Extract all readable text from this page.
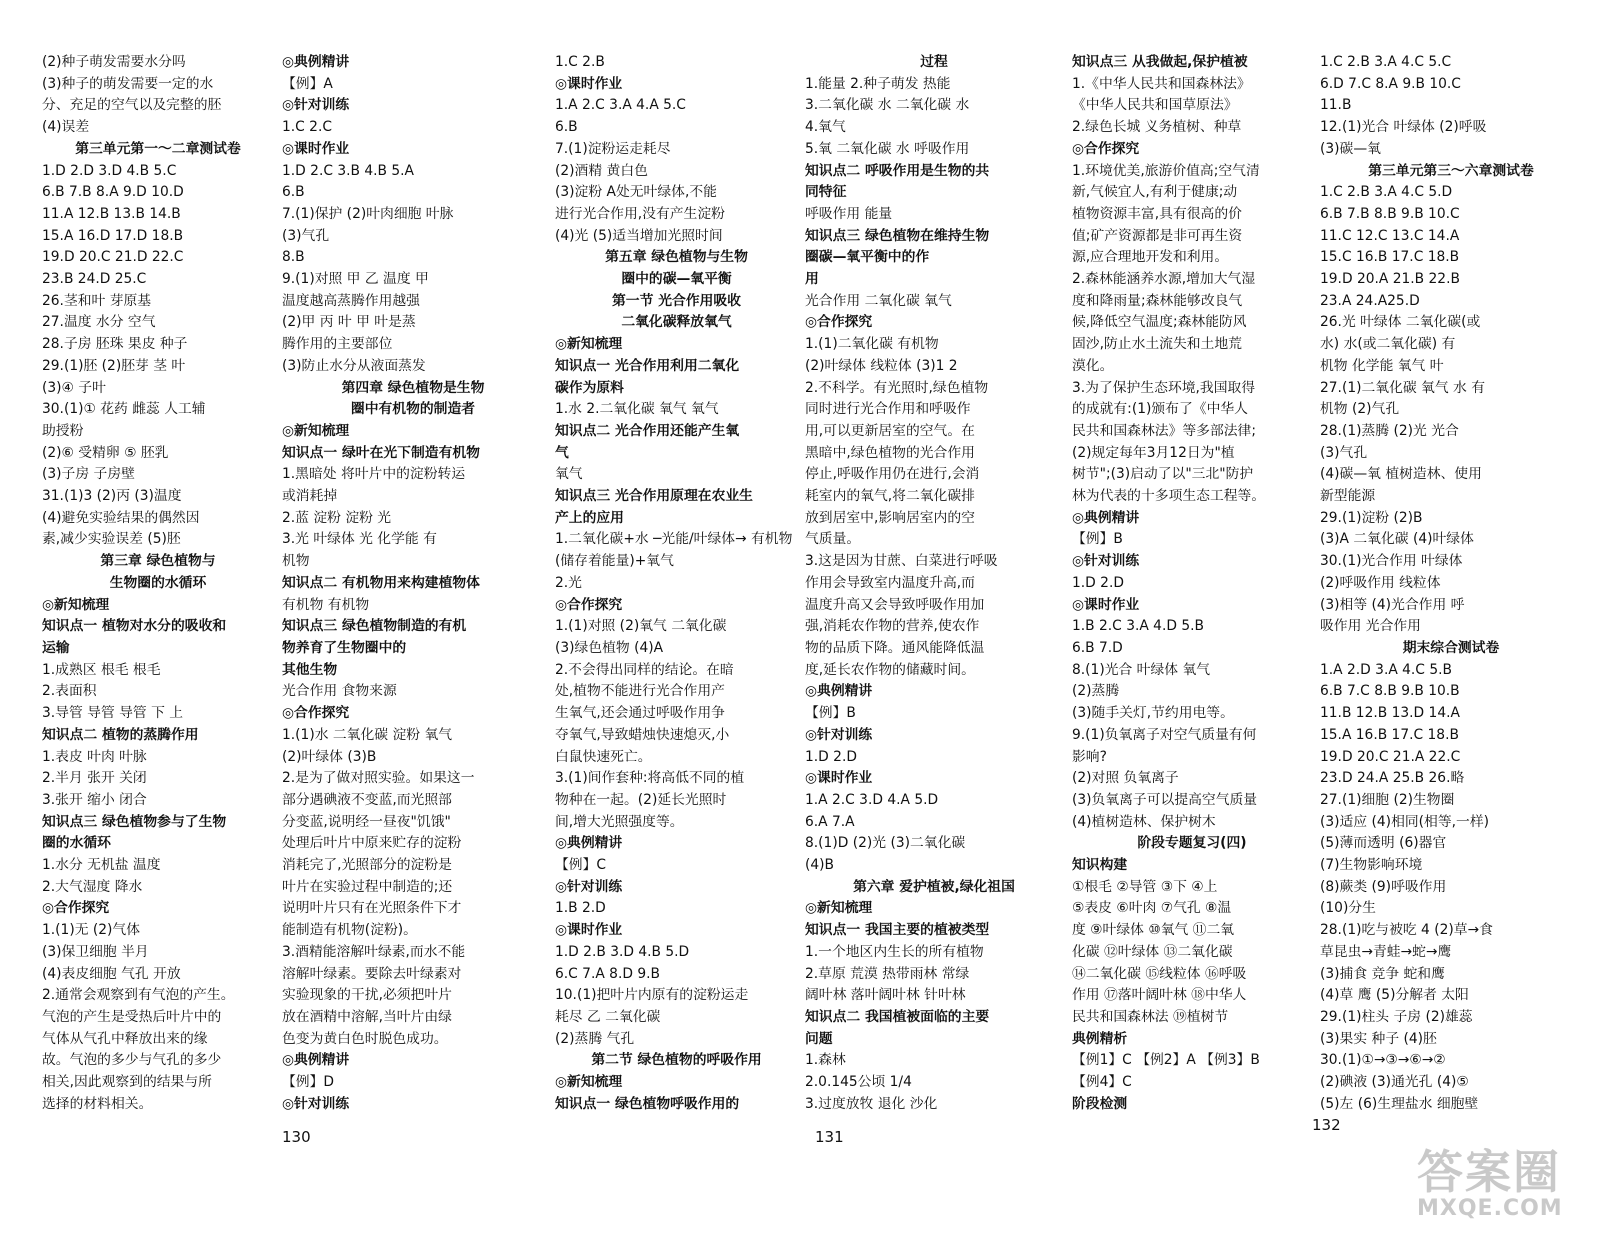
(2)种子萌发需要水分吗
(3)种子的萌发需要一定的水
分、充足的空气以及完整的胚
(4)误差
第三单元第一～二章测试卷
1.D 2.D 3.D 4.B 5.C
6.B 7.B 8.A 9.D 10.D
11.A 12.B 13.B 14.B
15.A 16.D 17.D 18.B
19.D 20.C 21.D 22.C
23.B 24.D 25.C
26.茎和叶 芽原基
27.温度 水分 空气
28.子房 胚珠 果皮 种子
29.(1)胚 (2)胚芽 茎 叶
(3)④ 子叶
30.(1)① 花药 雌蕊 人工辅
助授粉
(2)⑥ 受精卵 ⑤ 胚乳
(3)子房 子房壁
31.(1)3 (2)丙 (3)温度
(4)避免实验结果的偶然因
素,减少实验误差 (5)胚
第三章 绿色植物与
生物圈的水循环
◎新知梳理
知识点一 植物对水分的吸收和
运输
1.成熟区 根毛 根毛
2.表面积
3.导管 导管 导管 下 上
知识点二 植物的蒸腾作用
1.表皮 叶肉 叶脉
2.半月 张开 关闭
3.张开 缩小 闭合
知识点三 绿色植物参与了生物
圈的水循环
1.水分 无机盐 温度
2.大气湿度 降水
◎合作探究
1.(1)无 (2)气体
(3)保卫细胞 半月
(4)表皮细胞 气孔 开放
2.通常会观察到有气泡的产生。
气泡的产生是受热后叶片中的
气体从气孔中释放出来的缘
故。气泡的多少与气孔的多少
相关,因此观察到的结果与所
选择的材料相关。
◎典例精讲
【例】A
◎针对训练
1.C 2.C
◎课时作业
1.D 2.C 3.B 4.B 5.A
6.B
7.(1)保护 (2)叶肉细胞 叶脉
(3)气孔
8.B
9.(1)对照 甲 乙 温度 甲
温度越高蒸腾作用越强
(2)甲 丙 叶 甲 叶是蒸
腾作用的主要部位
(3)防止水分从液面蒸发
第四章 绿色植物是生物
圈中有机物的制造者
◎新知梳理
知识点一 绿叶在光下制造有机物
1.黑暗处 将叶片中的淀粉转运
或消耗掉
2.蓝 淀粉 淀粉 光
3.光 叶绿体 光 化学能 有
机物
知识点二 有机物用来构建植物体
有机物 有机物
知识点三 绿色植物制造的有机
物养育了生物圈中的
其他生物
光合作用 食物来源
◎合作探究
1.(1)水 二氧化碳 淀粉 氧气
(2)叶绿体 (3)B
2.是为了做对照实验。如果这一
部分遇碘液不变蓝,而光照部
分变蓝,说明经一昼夜"饥饿"
处理后叶片中原来贮存的淀粉
消耗完了,光照部分的淀粉是
叶片在实验过程中制造的;还
说明叶片只有在光照条件下才
能制造有机物(淀粉)。
3.酒精能溶解叶绿素,而水不能
溶解叶绿素。要除去叶绿素对
实验现象的干扰,必须把叶片
放在酒精中溶解,当叶片由绿
色变为黄白色时脱色成功。
◎典例精讲
【例】D
◎针对训练
1.C 2.B
◎课时作业
1.A 2.C 3.A 4.A 5.C
6.B
7.(1)淀粉运走耗尽
(2)酒精 黄白色
(3)淀粉 A处无叶绿体,不能
进行光合作用,没有产生淀粉
(4)光 (5)适当增加光照时间
第五章 绿色植物与生物
圈中的碳—氧平衡
第一节 光合作用吸收
二氧化碳释放氧气
◎新知梳理
知识点一 光合作用利用二氧化
碳作为原料
1.水 2.二氧化碳 氧气 氧气
知识点二 光合作用还能产生氧
气
氧气
知识点三 光合作用原理在农业生
产上的应用
1.二氧化碳+水 ─光能/叶绿体→ 有机物
(储存着能量)+氧气
2.光
◎合作探究
1.(1)对照 (2)氧气 二氧化碳
(3)绿色植物 (4)A
2.不会得出同样的结论。在暗
处,植物不能进行光合作用产
生氧气,还会通过呼吸作用争
夺氧气,导致蜡烛快速熄灭,小
白鼠快速死亡。
3.(1)间作套种:将高低不同的植
物种在一起。(2)延长光照时
间,增大光照强度等。
◎典例精讲
【例】C
◎针对训练
1.B 2.D
◎课时作业
1.D 2.B 3.D 4.B 5.D
6.C 7.A 8.D 9.B
10.(1)把叶片内原有的淀粉运走
耗尽 乙 二氧化碳
(2)蒸腾 气孔
第二节 绿色植物的呼吸作用
◎新知梳理
知识点一 绿色植物呼吸作用的
过程
1.能量 2.种子萌发 热能
3.二氧化碳 水 二氧化碳 水
4.氧气
5.氧 二氧化碳 水 呼吸作用
知识点二 呼吸作用是生物的共
同特征
呼吸作用 能量
知识点三 绿色植物在维持生物
圈碳—氧平衡中的作
用
光合作用 二氧化碳 氧气
◎合作探究
1.(1)二氧化碳 有机物
(2)叶绿体 线粒体 (3)1 2
2.不科学。有光照时,绿色植物
同时进行光合作用和呼吸作
用,可以更新居室的空气。在
黑暗中,绿色植物的光合作用
停止,呼吸作用仍在进行,会消
耗室内的氧气,将二氧化碳排
放到居室中,影响居室内的空
气质量。
3.这是因为甘蔗、白菜进行呼吸
作用会导致室内温度升高,而
温度升高又会导致呼吸作用加
强,消耗农作物的营养,使农作
物的品质下降。通风能降低温
度,延长农作物的储藏时间。
◎典例精讲
【例】B
◎针对训练
1.D 2.D
◎课时作业
1.A 2.C 3.D 4.A 5.D
6.A 7.A
8.(1)D (2)光 (3)二氧化碳
(4)B
第六章 爱护植被,绿化祖国
◎新知梳理
知识点一 我国主要的植被类型
1.一个地区内生长的所有植物
2.草原 荒漠 热带雨林 常绿
阔叶林 落叶阔叶林 针叶林
知识点二 我国植被面临的主要
问题
1.森林
2.0.145公顷 1/4
3.过度放牧 退化 沙化
知识点三 从我做起,保护植被
1.《中华人民共和国森林法》
《中华人民共和国草原法》
2.绿色长城 义务植树、种草
◎合作探究
1.环境优美,旅游价值高;空气清
新,气候宜人,有利于健康;动
植物资源丰富,具有很高的价
值;矿产资源都是非可再生资
源,应合理地开发和利用。
2.森林能涵养水源,增加大气湿
度和降雨量;森林能够改良气
候,降低空气温度;森林能防风
固沙,防止水土流失和土地荒
漠化。
3.为了保护生态环境,我国取得
的成就有:(1)颁布了《中华人
民共和国森林法》等多部法律;
(2)规定每年3月12日为"植
树节";(3)启动了以"三北"防护
林为代表的十多项生态工程等。
◎典例精讲
【例】B
◎针对训练
1.D 2.D
◎课时作业
1.B 2.C 3.A 4.D 5.B
6.B 7.D
8.(1)光合 叶绿体 氧气
(2)蒸腾
(3)随手关灯,节约用电等。
9.(1)负氧离子对空气质量有何
影响?
(2)对照 负氧离子
(3)负氧离子可以提高空气质量
(4)植树造林、保护树木
阶段专题复习(四)
知识构建
①根毛 ②导管 ③下 ④上
⑤表皮 ⑥叶肉 ⑦气孔 ⑧温
度 ⑨叶绿体 ⑩氧气 ⑪二氧
化碳 ⑫叶绿体 ⑬二氧化碳
⑭二氧化碳 ⑮线粒体 ⑯呼吸
作用 ⑰落叶阔叶林 ⑱中华人
民共和国森林法 ⑲植树节
典例精析
【例1】C 【例2】A 【例3】B
【例4】C
阶段检测
1.C 2.B 3.A 4.C 5.C
6.D 7.C 8.A 9.B 10.C
11.B
12.(1)光合 叶绿体 (2)呼吸
(3)碳—氧
第三单元第三～六章测试卷
1.C 2.B 3.A 4.C 5.D
6.B 7.B 8.B 9.B 10.C
11.C 12.C 13.C 14.A
15.C 16.B 17.C 18.B
19.D 20.A 21.B 22.B
23.A 24.A25.D
26.光 叶绿体 二氧化碳(或
水) 水(或二氧化碳) 有
机物 化学能 氧气 叶
27.(1)二氧化碳 氧气 水 有
机物 (2)气孔
28.(1)蒸腾 (2)光 光合
(3)气孔
(4)碳—氧 植树造林、使用
新型能源
29.(1)淀粉 (2)B
(3)A 二氧化碳 (4)叶绿体
30.(1)光合作用 叶绿体
(2)呼吸作用 线粒体
(3)相等 (4)光合作用 呼
吸作用 光合作用
期末综合测试卷
1.A 2.D 3.A 4.C 5.B
6.B 7.C 8.B 9.B 10.B
11.B 12.B 13.D 14.A
15.A 16.B 17.C 18.B
19.D 20.C 21.A 22.C
23.D 24.A 25.B 26.略
27.(1)细胞 (2)生物圈
(3)适应 (4)相同(相等,一样)
(5)薄而透明 (6)器官
(7)生物影响环境
(8)蕨类 (9)呼吸作用
(10)分生
28.(1)吃与被吃 4 (2)草→食
草昆虫→青蛙→蛇→鹰
(3)捕食 竞争 蛇和鹰
(4)草 鹰 (5)分解者 太阳
29.(1)柱头 子房 (2)雄蕊
(3)果实 种子 (4)胚
30.(1)①→③→⑥→②
(2)碘液 (3)通光孔 (4)⑤
(5)左 (6)生理盐水 细胞壁
130	131
132
答案圈
MXQE.COM
